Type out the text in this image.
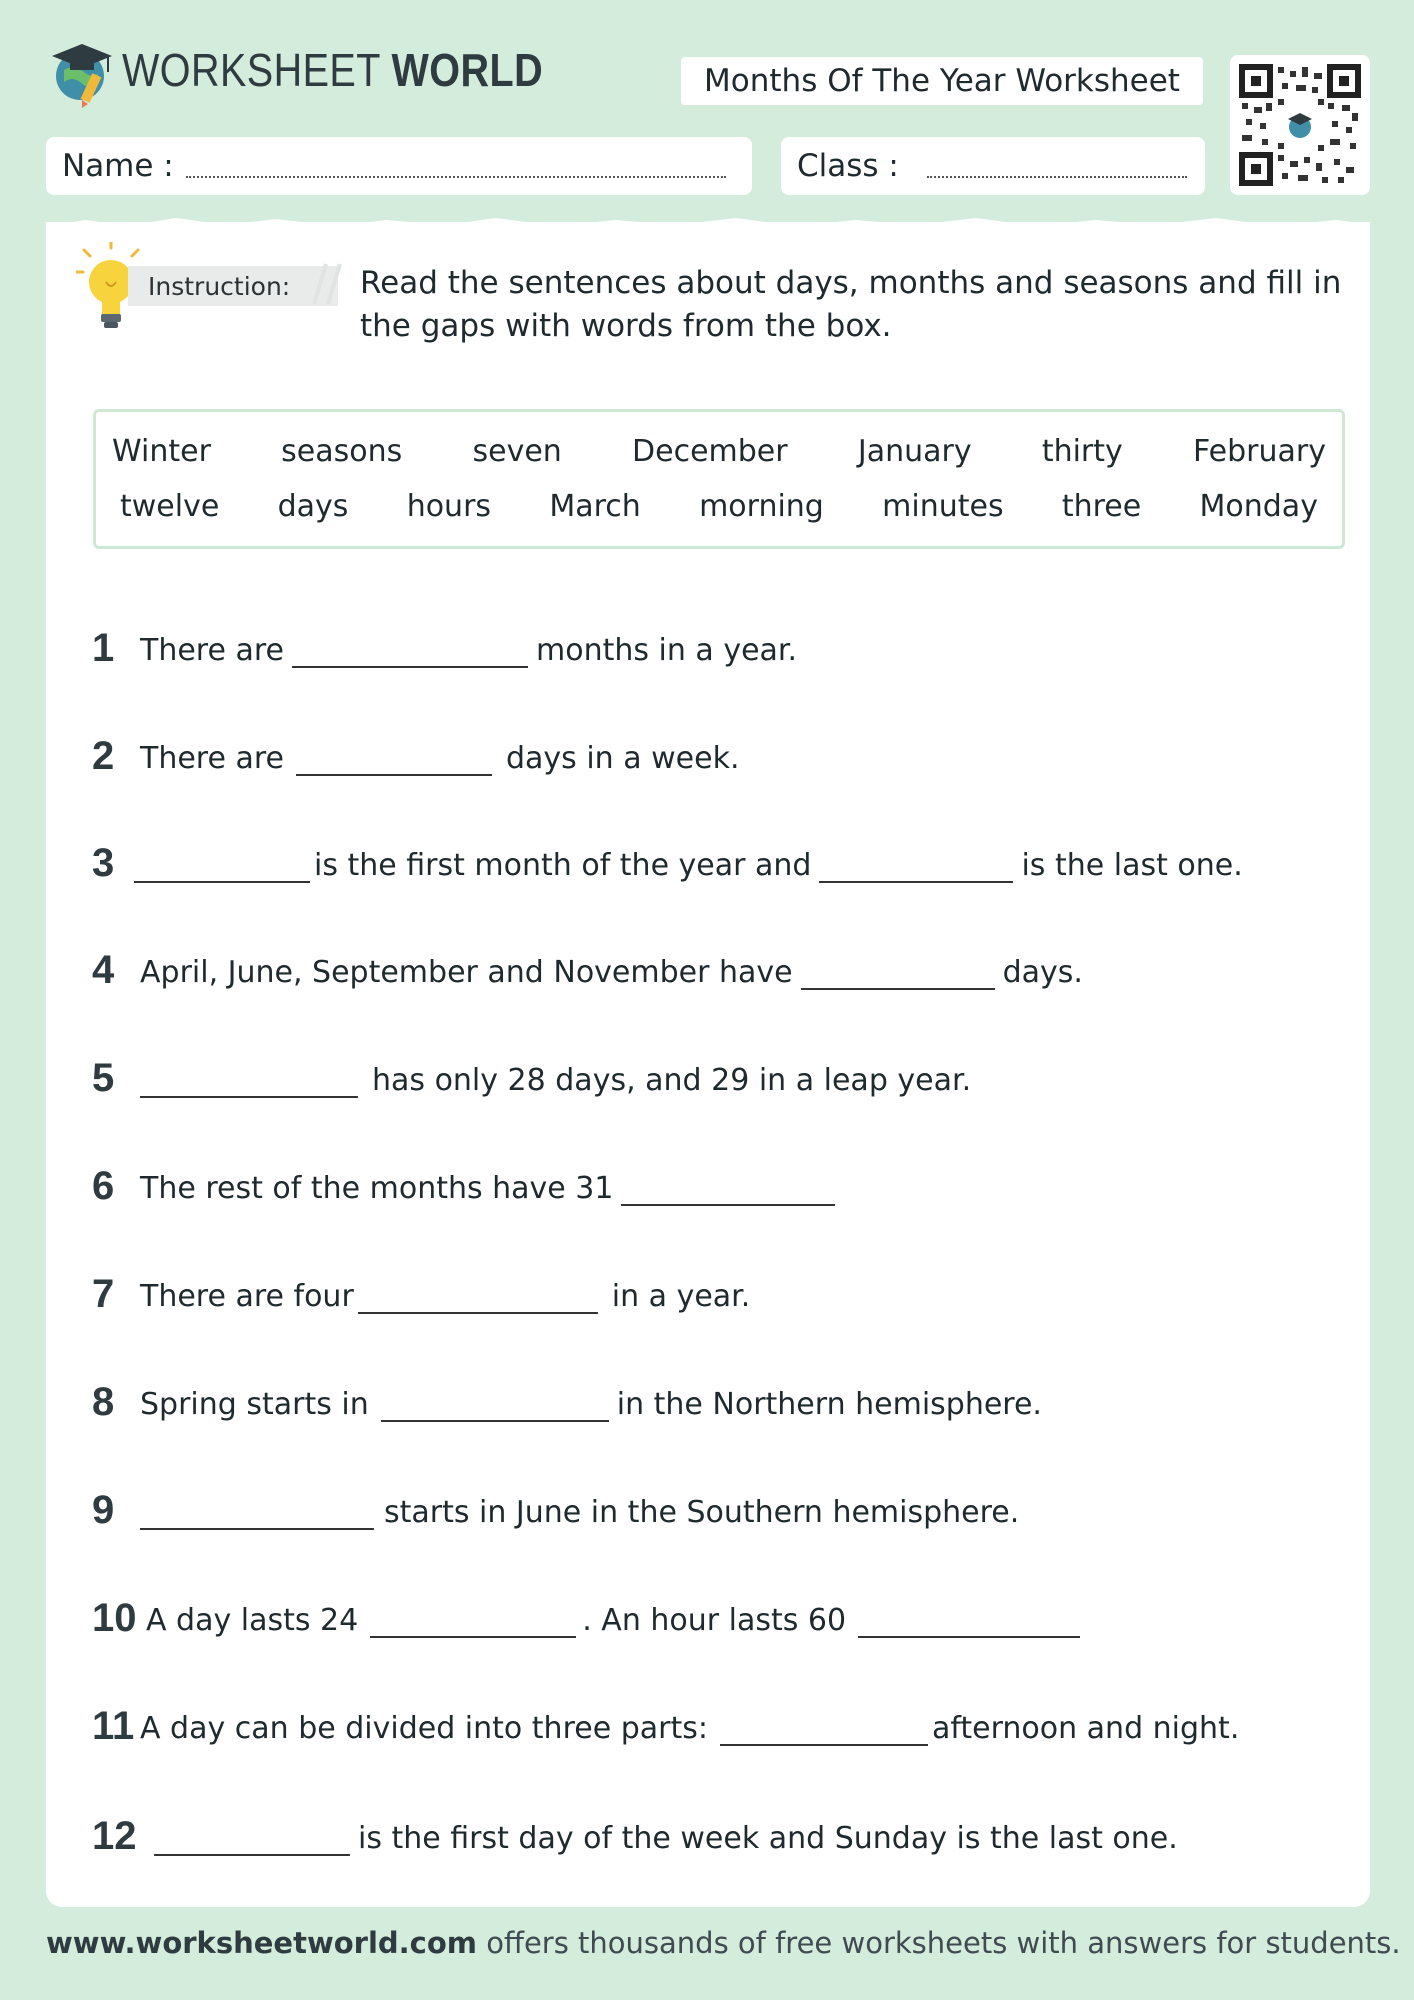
WORKSHEET WORLD	Months Of The Year Worksheet
Name :	Class :
Instruction:	Read the sentences about days, months and seasons and fill in the gaps with words from the box.
Winter seasons seven December January thirty February
twelve days hours March morning minutes three Monday
1 There are	months in a year.
2 There are	days in a week.
3	is the first month of the year and	is the last one.
4 April, June, September and November have	days.
5	has only 28 days, and 29 in a leap year.
6 The rest of the months have 31
7 There are four	in a year.
8 Spring starts in	in the Northern hemisphere.
9	starts in June in the Southern hemisphere.
10 A day lasts 24	. An hour lasts 60
11 A day can be divided into three parts:	afternoon and night.
12	is the first day of the week and Sunday is the last one.
www.worksheetworld.com offers thousands of free worksheets with answers for students.
